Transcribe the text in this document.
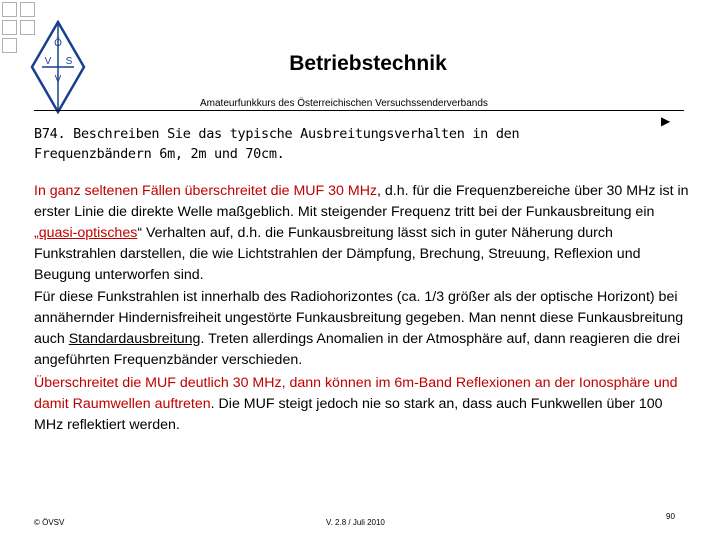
Ö
V S
V
Betriebstechnik
Amateurfunkkurs des Österreichischen Versuchssenderverbands
B74. Beschreiben Sie das typische Ausbreitungsverhalten in den
Frequenzbändern 6m, 2m und 70cm.
▶
In ganz seltenen Fällen überschreitet die MUF 30 MHz, d.h. für die Frequenzbereiche über 30 MHz ist in erster Linie die direkte Welle maßgeblich. Mit steigender Frequenz tritt bei der Funkausbreitung ein „quasi-optisches“ Verhalten auf, d.h. die Funkausbreitung lässt sich in guter Näherung durch Funkstrahlen darstellen, die wie Lichtstrahlen der Dämpfung, Brechung, Streuung, Reflexion und Beugung unterworfen sind.
Für diese Funkstrahlen ist innerhalb des Radiohorizontes (ca. 1/3 größer als der optische Horizont) bei annähernder Hindernisfreiheit ungestörte Funkausbreitung gegeben. Man nennt diese Funkausbreitung auch Standardausbreitung. Treten allerdings Anomalien in der Atmosphäre auf, dann reagieren die drei angeführten Frequenzbänder verschieden.
Überschreitet die MUF deutlich 30 MHz, dann können im 6m-Band Reflexionen an der Ionosphäre und damit Raumwellen auftreten. Die MUF steigt jedoch nie so stark an, dass auch Funkwellen über 100 MHz reflektiert werden.
© ÖVSV	V. 2.8 / Juli 2010
90
